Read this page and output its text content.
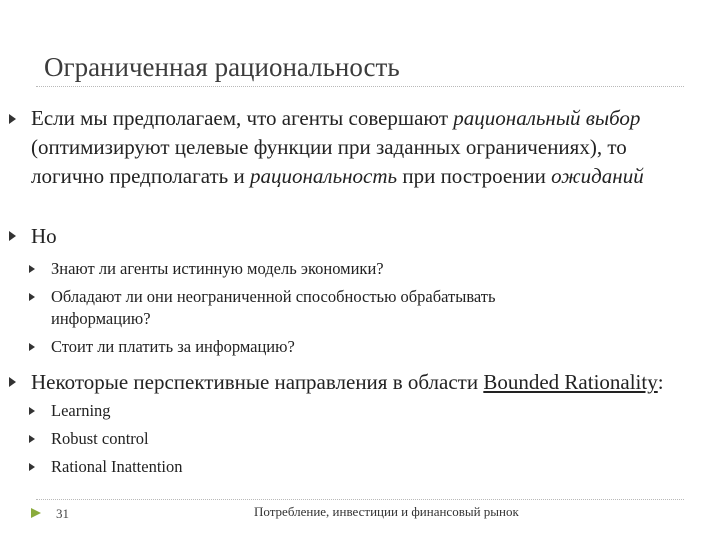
Ограниченная рациональность
Если мы предполагаем, что агенты совершают рациональный выбор (оптимизируют целевые функции при заданных ограничениях), то логично предполагать и рациональность при построении ожиданий
Но
Знают ли агенты истинную модель экономики?
Обладают ли они неограниченной способностью обрабатывать
информацию?
Стоит ли платить за информацию?
Некоторые перспективные направления в области Bounded Rationality:
Learning
Robust control
Rational Inattention
31	Потребление, инвестиции и финансовый рынок
